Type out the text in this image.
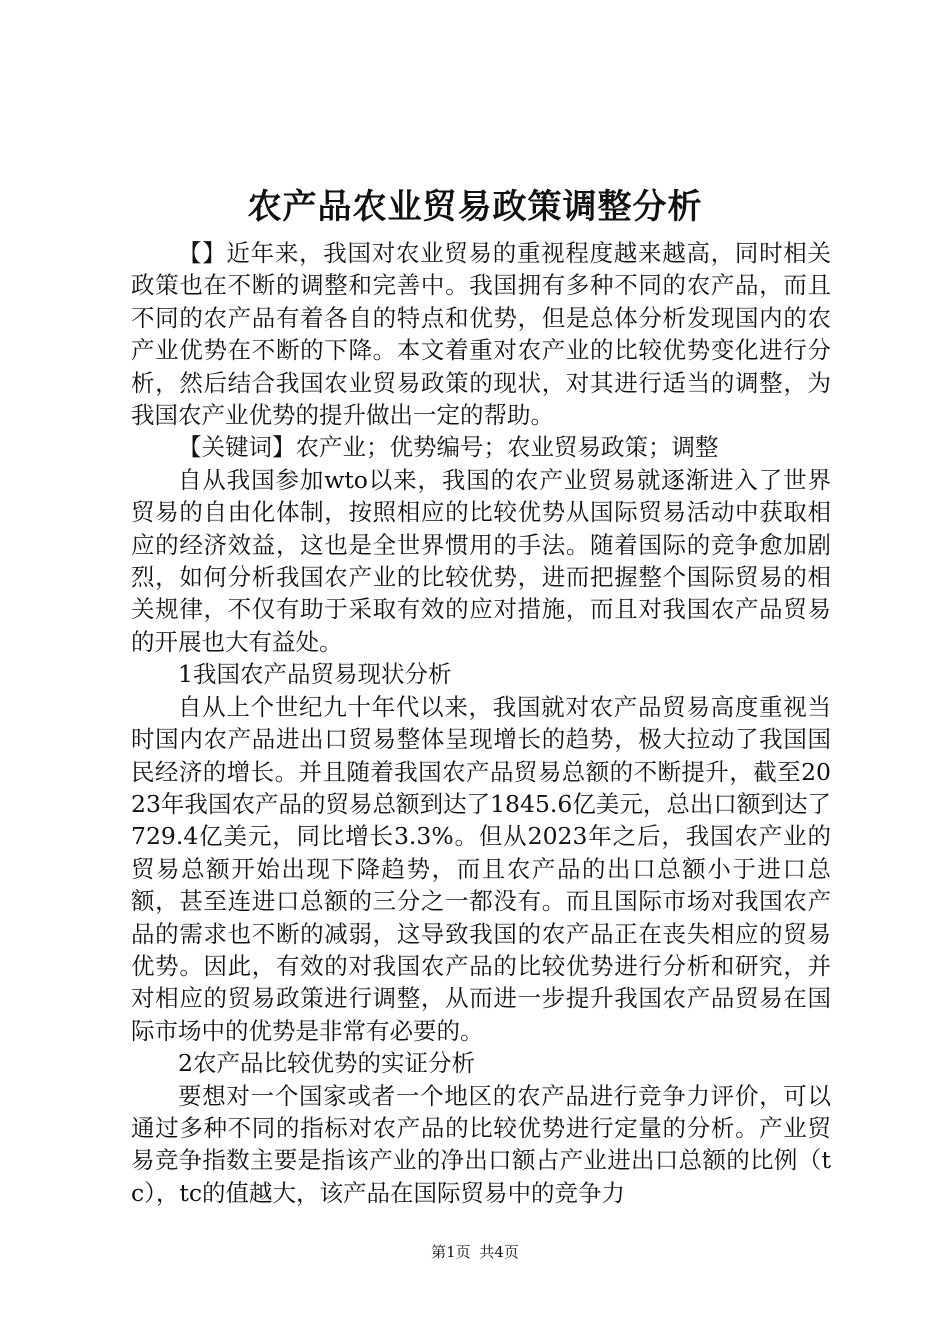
农产品农业贸易政策调整分析

【】近年来，我国对农业贸易的重视程度越来越高，同时相关政策也在不断的调整和完善中。我国拥有多种不同的农产品，而且不同的农产品有着各自的特点和优势，但是总体分析发现国内的农产业优势在不断的下降。本文着重对农产业的比较优势变化进行分析，然后结合我国农业贸易政策的现状，对其进行适当的调整，为我国农产业优势的提升做出一定的帮助。

【关键词】农产业；优势编号；农业贸易政策；调整

自从我国参加wto以来，我国的农产业贸易就逐渐进入了世界贸易的自由化体制，按照相应的比较优势从国际贸易活动中获取相应的经济效益，这也是全世界惯用的手法。随着国际的竞争愈加剧烈，如何分析我国农产业的比较优势，进而把握整个国际贸易的相关规律，不仅有助于采取有效的应对措施，而且对我国农产品贸易的开展也大有益处。

1我国农产品贸易现状分析

自从上个世纪九十年代以来，我国就对农产品贸易高度重视当时国内农产品进出口贸易整体呈现增长的趋势，极大拉动了我国国民经济的增长。并且随着我国农产品贸易总额的不断提升，截至2023年我国农产品的贸易总额到达了1845.6亿美元，总出口额到达了729.4亿美元，同比增长3.3%。但从2023年之后，我国农产业的贸易总额开始出现下降趋势，而且农产品的出口总额小于进口总额，甚至连进口总额的三分之一都没有。而且国际市场对我国农产品的需求也不断的减弱，这导致我国的农产品正在丧失相应的贸易优势。因此，有效的对我国农产品的比较优势进行分析和研究，并对相应的贸易政策进行调整，从而进一步提升我国农产品贸易在国际市场中的优势是非常有必要的。

2农产品比较优势的实证分析

要想对一个国家或者一个地区的农产品进行竞争力评价，可以通过多种不同的指标对农产品的比较优势进行定量的分析。产业贸易竞争指数主要是指该产业的净出口额占产业进出口总额的比例（tc），tc的值越大，该产品在国际贸易中的竞争力

第1页 共4页
